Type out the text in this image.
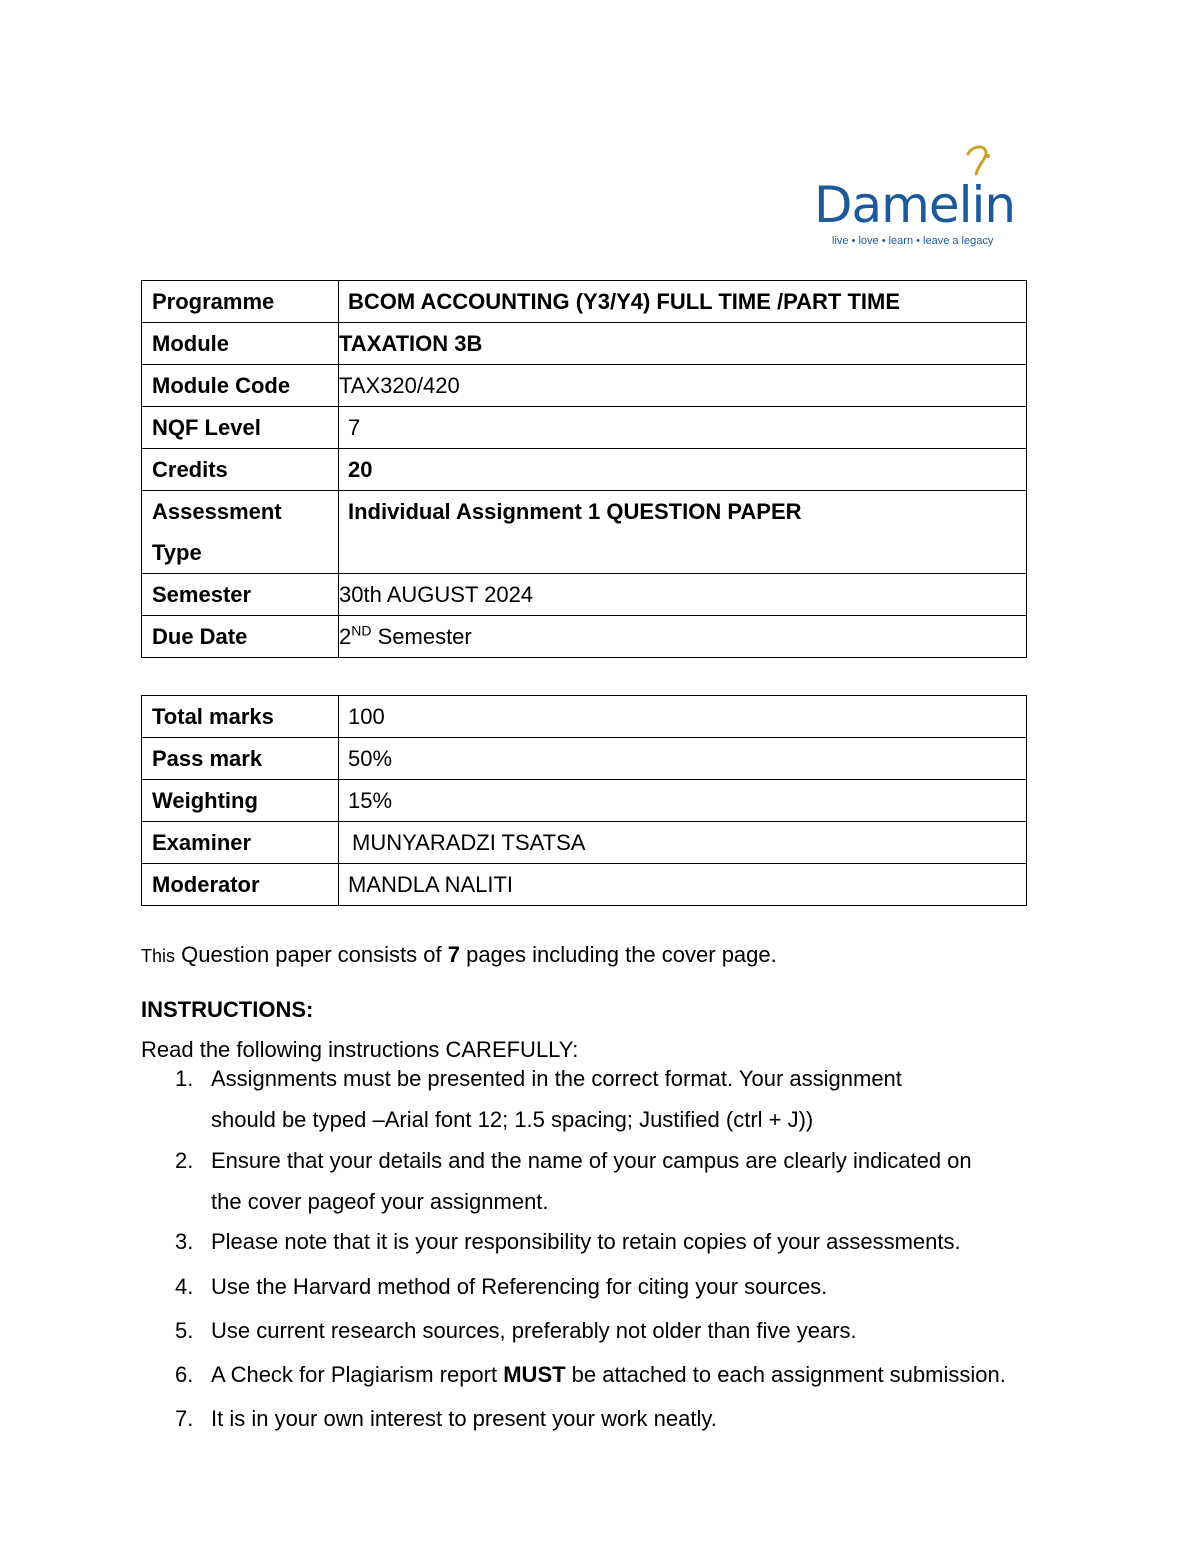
Damelin
live • love • learn • leave a legacy
Programme	BCOM ACCOUNTING (Y3/Y4) FULL TIME /PART TIME
Module	TAXATION 3B
Module Code	TAX320/420
NQF Level	7
Credits	20
Assessment
Type	Individual Assignment 1 QUESTION PAPER
Semester	30th AUGUST 2024
Due Date	2ND Semester
Total marks	100
Pass mark	50%
Weighting	15%
Examiner	MUNYARADZI TSATSA
Moderator	MANDLA NALITI
This Question paper consists of 7 pages including the cover page.
INSTRUCTIONS:
Read the following instructions CAREFULLY:
1. Assignments must be presented in the correct format. Your assignment
should be typed –Arial font 12; 1.5 spacing; Justified (ctrl + J))
2. Ensure that your details and the name of your campus are clearly indicated on
the cover pageof your assignment.
3. Please note that it is your responsibility to retain copies of your assessments.
4. Use the Harvard method of Referencing for citing your sources.
5. Use current research sources, preferably not older than five years.
6. A Check for Plagiarism report MUST be attached to each assignment submission.
7. It is in your own interest to present your work neatly.
